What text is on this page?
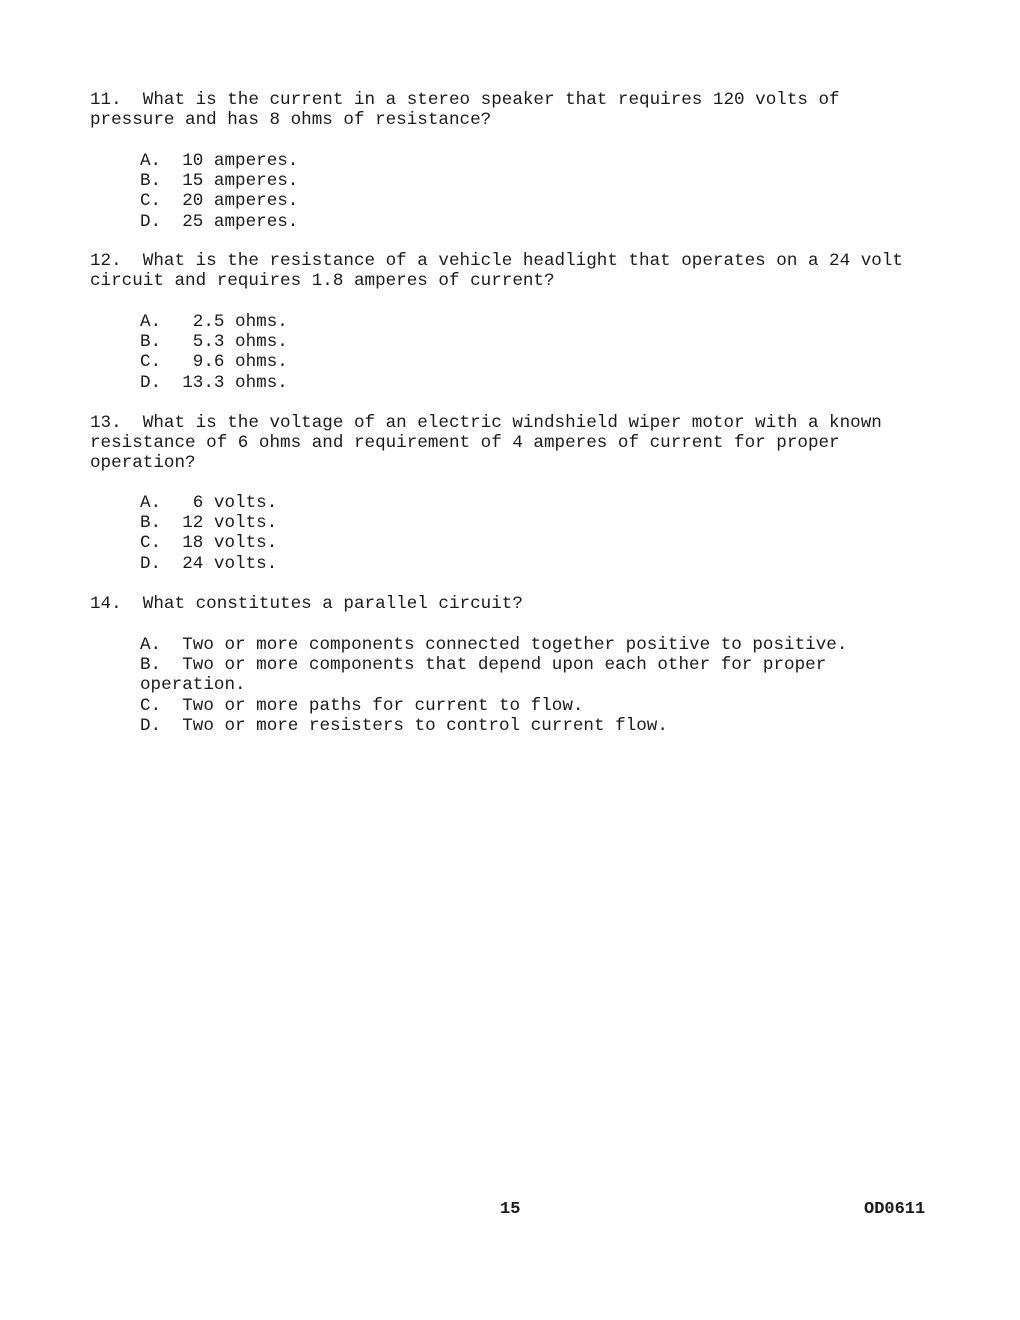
11.  What is the current in a stereo speaker that requires 120 volts of
pressure and has 8 ohms of resistance?
A.  10 amperes.
B.  15 amperes.
C.  20 amperes.
D.  25 amperes.
12.  What is the resistance of a vehicle headlight that operates on a 24 volt
circuit and requires 1.8 amperes of current?
A.   2.5 ohms.
B.   5.3 ohms.
C.   9.6 ohms.
D.  13.3 ohms.
13.  What is the voltage of an electric windshield wiper motor with a known
resistance of 6 ohms and requirement of 4 amperes of current for proper
operation?
A.   6 volts.
B.  12 volts.
C.  18 volts.
D.  24 volts.
14.  What constitutes a parallel circuit?
A.  Two or more components connected together positive to positive.
B.  Two or more components that depend upon each other for proper
operation.
C.  Two or more paths for current to flow.
D.  Two or more resisters to control current flow.
15	OD0611
